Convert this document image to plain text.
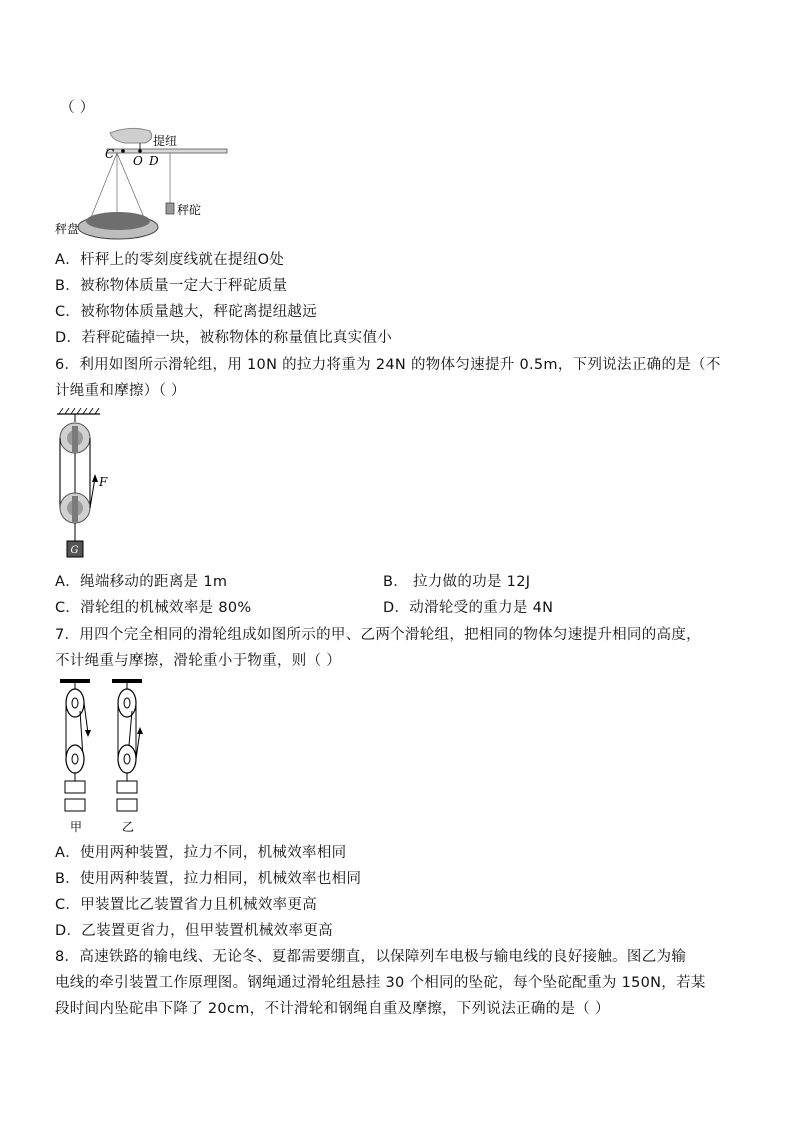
（ ）
C O D
提纽
秤盘
秤砣
A．杆秤上的零刻度线就在提纽O处
B．被称物体质量一定大于秤砣质量
C．被称物体质量越大，秤砣离提纽越远
D．若秤砣磕掉一块，被称物体的称量值比真实值小
6．利用如图所示滑轮组，用 10N 的拉力将重为 24N 的物体匀速提升 0.5m，下列说法正确的是（不
计绳重和摩擦）（ ）
F
G
A．绳端移动的距离是 1m	B． 拉力做的功是 12J
C．滑轮组的机械效率是 80%	D．动滑轮受的重力是 4N
7．用四个完全相同的滑轮组成如图所示的甲、乙两个滑轮组，把相同的物体匀速提升相同的高度，
不计绳重与摩擦，滑轮重小于物重，则（ ）
甲	乙
A．使用两种装置，拉力不同，机械效率相同
B．使用两种装置，拉力相同，机械效率也相同
C．甲装置比乙装置省力且机械效率更高
D．乙装置更省力，但甲装置机械效率更高
8．高速铁路的输电线、无论冬、夏都需要绷直，以保障列车电极与输电线的良好接触。图乙为输
电线的牵引装置工作原理图。钢绳通过滑轮组悬挂 30 个相同的坠砣，每个坠砣配重为 150N，若某
段时间内坠砣串下降了 20cm，不计滑轮和钢绳自重及摩擦，下列说法正确的是（ ）
